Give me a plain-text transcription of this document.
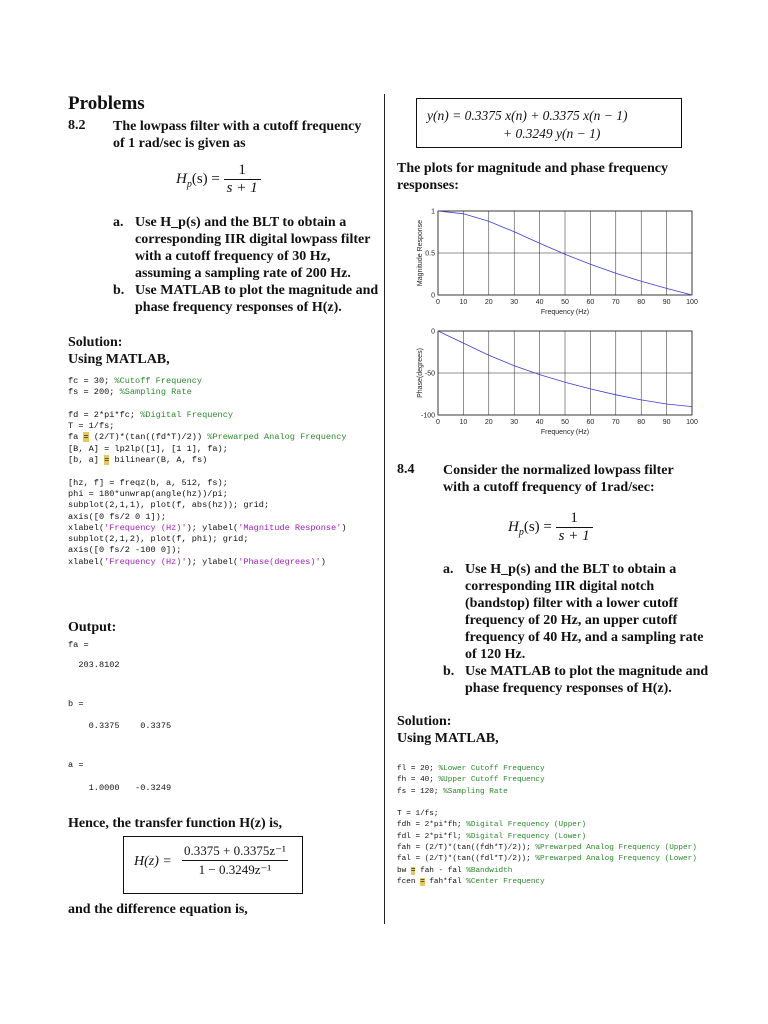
Problems
8.2 The lowpass filter with a cutoff frequency
of 1 rad/sec is given as
$H_p(s) = \frac{1}{s + 1}$
a. Use H_p(s) and the BLT to obtain a
corresponding IIR digital lowpass filter
with a cutoff frequency of 30 Hz,
assuming a sampling rate of 200 Hz.
b. Use MATLAB to plot the magnitude and
phase frequency responses of H(z).
Solution:
Using MATLAB,
fc = 30; %Cutoff Frequency
fs = 200; %Sampling Rate

fd = 2*pi*fc; %Digital Frequency
T = 1/fs;
fa = (2/T)*(tan((fd*T)/2)) %Prewarped Analog Frequency
[B, A] = lp2lp([1], [1 1], fa);
[b, a] = bilinear(B, A, fs)

[hz, f] = freqz(b, a, 512, fs);
phi = 180*unwrap(angle(hz))/pi;
subplot(2,1,1), plot(f, abs(hz)); grid;
axis([0 fs/2 0 1]);
xlabel('Frequency (Hz)'); ylabel('Magnitude Response')
subplot(2,1,2), plot(f, phi); grid;
axis([0 fs/2 -100 0]);
xlabel('Frequency (Hz)'); ylabel('Phase(degrees)')
Output:
fa =
203.8102
b =
0.3375    0.3375
a =
1.0000   -0.3249
Hence, the transfer function H(z) is,
$H(z) = \frac{\text{0.3375 + 0.3375z⁻¹}}{\text{1 − 0.3249z⁻¹}}$
and the difference equation is,
y(n) = 0.3375 x(n) + 0.3375 x(n − 1)
+ 0.3249 y(n − 1)
The plots for magnitude and phase frequency
responses:
0	10	20	30	40	50	60	70	80	90 100
0
0.5
1
Frequency (Hz)
Magnitude Response
0	10	20	30	40	50	60	70	80	90 100
-100
-50
0
Frequency (Hz)
Phase(degrees)
8.4 Consider the normalized lowpass filter
with a cutoff frequency of 1rad/sec:
$H_p(s) = \frac{1}{s + 1}$
a. Use H_p(s) and the BLT to obtain a
corresponding IIR digital notch
(bandstop) filter with a lower cutoff
frequency of 20 Hz, an upper cutoff
frequency of 40 Hz, and a sampling rate
of 120 Hz.
b. Use MATLAB to plot the magnitude and
phase frequency responses of H(z).
Solution:
Using MATLAB,
fl = 20; %Lower Cutoff Frequency
fh = 40; %Upper Cutoff Frequency
fs = 120; %Sampling Rate

T = 1/fs;
fdh = 2*pi*fh; %Digital Frequency (Upper)
fdl = 2*pi*fl; %Digital Frequency (Lower)
fah = (2/T)*(tan((fdh*T)/2)); %Prewarped Analog Frequency (Upper)
fal = (2/T)*(tan((fdl*T)/2)); %Prewarped Analog Frequency (Lower)
bw = fah - fal %Bandwidth
fcen = fah*fal %Center Frequency
